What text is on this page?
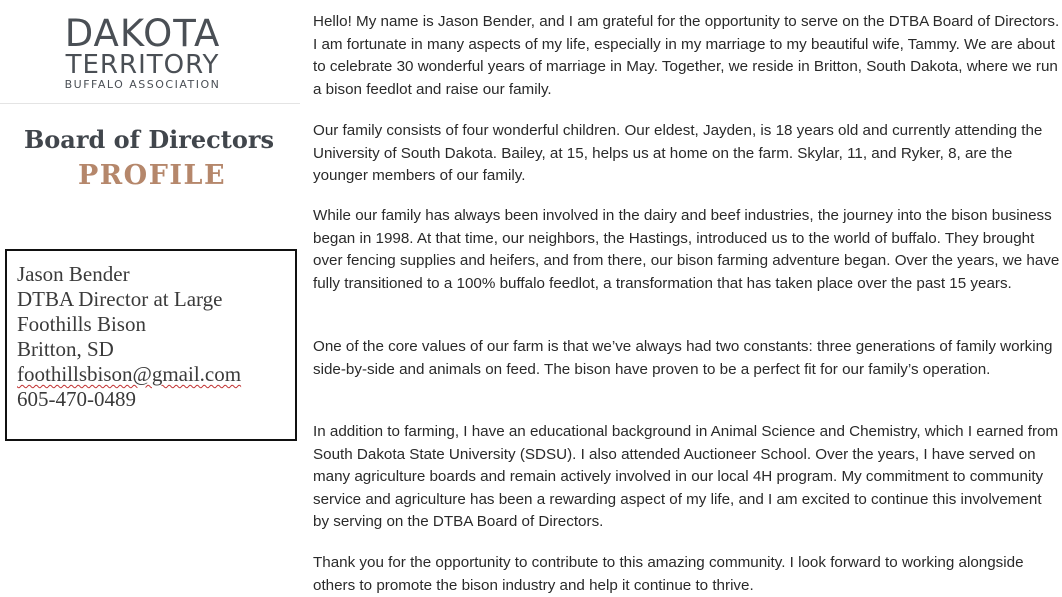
DAKOTA
TERRITORY
BUFFALO ASSOCIATION
Board of Directors
PROFILE
Jason Bender
DTBA Director at Large
Foothills Bison
Britton, SD
foothillsbison@gmail.com
605-470-0489

Hello! My name is Jason Bender, and I am grateful for the opportunity to serve on the DTBA Board of Directors. I am fortunate in many aspects of my life, especially in my marriage to my beautiful wife, Tammy. We are about to celebrate 30 wonderful years of marriage in May. Together, we reside in Britton, South Dakota, where we run a bison feedlot and raise our family.

Our family consists of four wonderful children. Our eldest, Jayden, is 18 years old and currently attending the University of South Dakota. Bailey, at 15, helps us at home on the farm. Skylar, 11, and Ryker, 8, are the younger members of our family.

While our family has always been involved in the dairy and beef industries, the journey into the bison business began in 1998. At that time, our neighbors, the Hastings, introduced us to the world of buffalo. They brought over fencing supplies and heifers, and from there, our bison farming adventure began. Over the years, we have fully transitioned to a 100% buffalo feedlot, a transformation that has taken place over the past 15 years.

One of the core values of our farm is that we’ve always had two constants: three generations of family working side-by-side and animals on feed. The bison have proven to be a perfect fit for our family’s operation.

In addition to farming, I have an educational background in Animal Science and Chemistry, which I earned from South Dakota State University (SDSU). I also attended Auctioneer School. Over the years, I have served on many agriculture boards and remain actively involved in our local 4H program. My commitment to community service and agriculture has been a rewarding aspect of my life, and I am excited to continue this involvement by serving on the DTBA Board of Directors.

Thank you for the opportunity to contribute to this amazing community. I look forward to working alongside others to promote the bison industry and help it continue to thrive.
